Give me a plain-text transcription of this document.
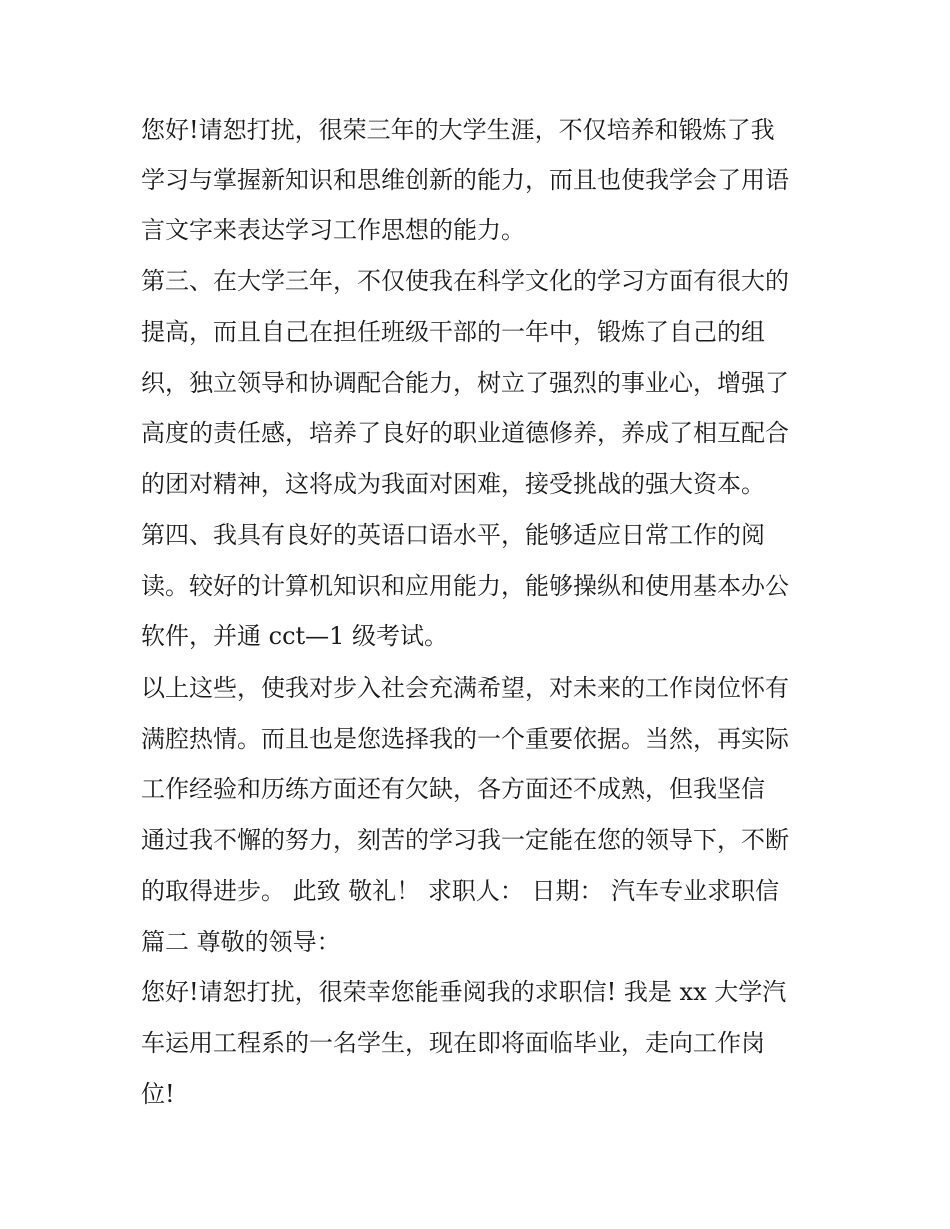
您好!请恕打扰，很荣三年的大学生涯，不仅培养和锻炼了我
学习与掌握新知识和思维创新的能力，而且也使我学会了用语
言文字来表达学习工作思想的能力。
第三、在大学三年，不仅使我在科学文化的学习方面有很大的
提高，而且自己在担任班级干部的一年中，锻炼了自己的组
织，独立领导和协调配合能力，树立了强烈的事业心，增强了
高度的责任感，培养了良好的职业道德修养，养成了相互配合
的团对精神，这将成为我面对困难，接受挑战的强大资本。
第四、我具有良好的英语口语水平，能够适应日常工作的阅
读。较好的计算机知识和应用能力，能够操纵和使用基本办公
软件，并通 cct—1 级考试。
以上这些，使我对步入社会充满希望，对未来的工作岗位怀有
满腔热情。而且也是您选择我的一个重要依据。当然，再实际
工作经验和历练方面还有欠缺，各方面还不成熟，但我坚信
通过我不懈的努力，刻苦的学习我一定能在您的领导下，不断
的取得进步。 此致 敬礼！ 求职人： 日期： 汽车专业求职信
篇二 尊敬的领导：
您好!请恕打扰，很荣幸您能垂阅我的求职信! 我是 xx 大学汽
车运用工程系的一名学生，现在即将面临毕业，走向工作岗
位!
